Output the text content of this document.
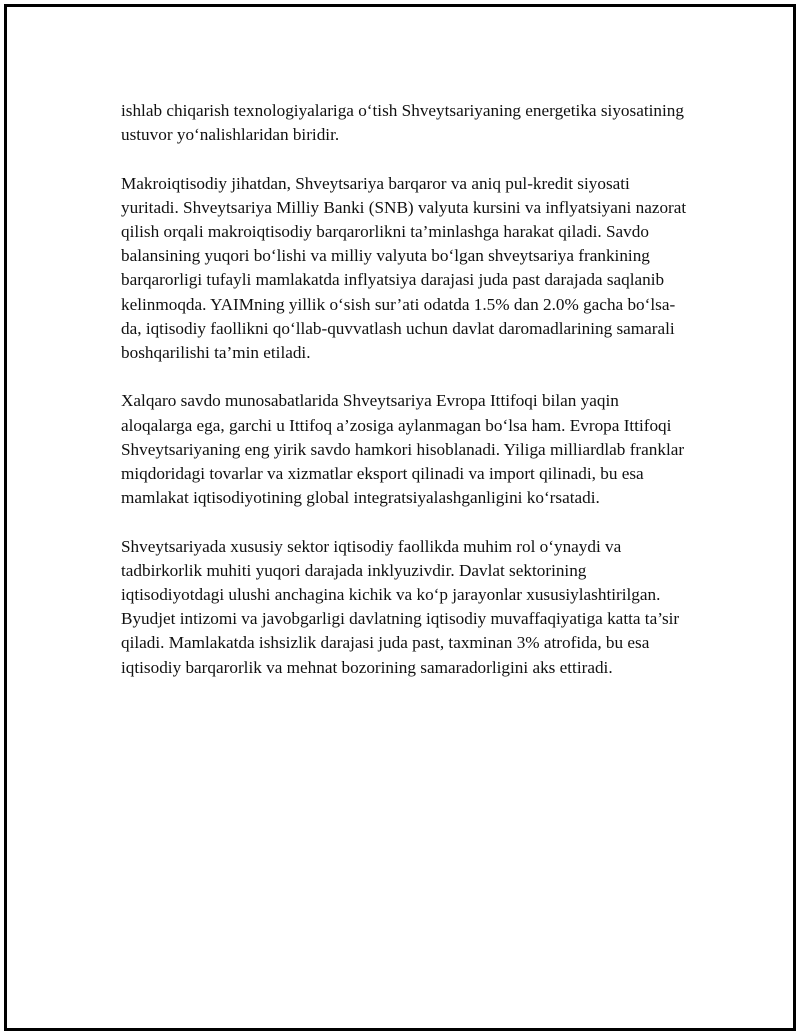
ishlab chiqarish texnologiyalariga o‘tish Shveytsariyaning energetika siyosatining ustuvor yo‘nalishlaridan biridir.

Makroiqtisodiy jihatdan, Shveytsariya barqaror va aniq pul-kredit siyosati yuritadi. Shveytsariya Milliy Banki (SNB) valyuta kursini va inflyatsiyani nazorat qilish orqali makroiqtisodiy barqarorlikni ta’minlashga harakat qiladi. Savdo balansining yuqori bo‘lishi va milliy valyuta bo‘lgan shveytsariya frankining barqarorligi tufayli mamlakatda inflyatsiya darajasi juda past darajada saqlanib kelinmoqda. YAIMning yillik o‘sish sur’ati odatda 1.5% dan 2.0% gacha bo‘lsa-da, iqtisodiy faollikni qo‘llab-quvvatlash uchun davlat daromadlarining samarali boshqarilishi ta’min etiladi.

Xalqaro savdo munosabatlarida Shveytsariya Evropa Ittifoqi bilan yaqin aloqalarga ega, garchi u Ittifoq a’zosiga aylanmagan bo‘lsa ham. Evropa Ittifoqi Shveytsariyaning eng yirik savdo hamkori hisoblanadi. Yiliga milliardlab franklar miqdoridagi tovarlar va xizmatlar eksport qilinadi va import qilinadi, bu esa mamlakat iqtisodiyotining global integratsiyalashganligini ko‘rsatadi.

Shveytsariyada xususiy sektor iqtisodiy faollikda muhim rol o‘ynaydi va tadbirkorlik muhiti yuqori darajada inklyuzivdir. Davlat sektorining iqtisodiyotdagi ulushi anchagina kichik va ko‘p jarayonlar xususiylashtirilgan. Byudjet intizomi va javobgarligi davlatning iqtisodiy muvaffaqiyatiga katta ta’sir qiladi. Mamlakatda ishsizlik darajasi juda past, taxminan 3% atrofida, bu esa iqtisodiy barqarorlik va mehnat bozorining samaradorligini aks ettiradi.
